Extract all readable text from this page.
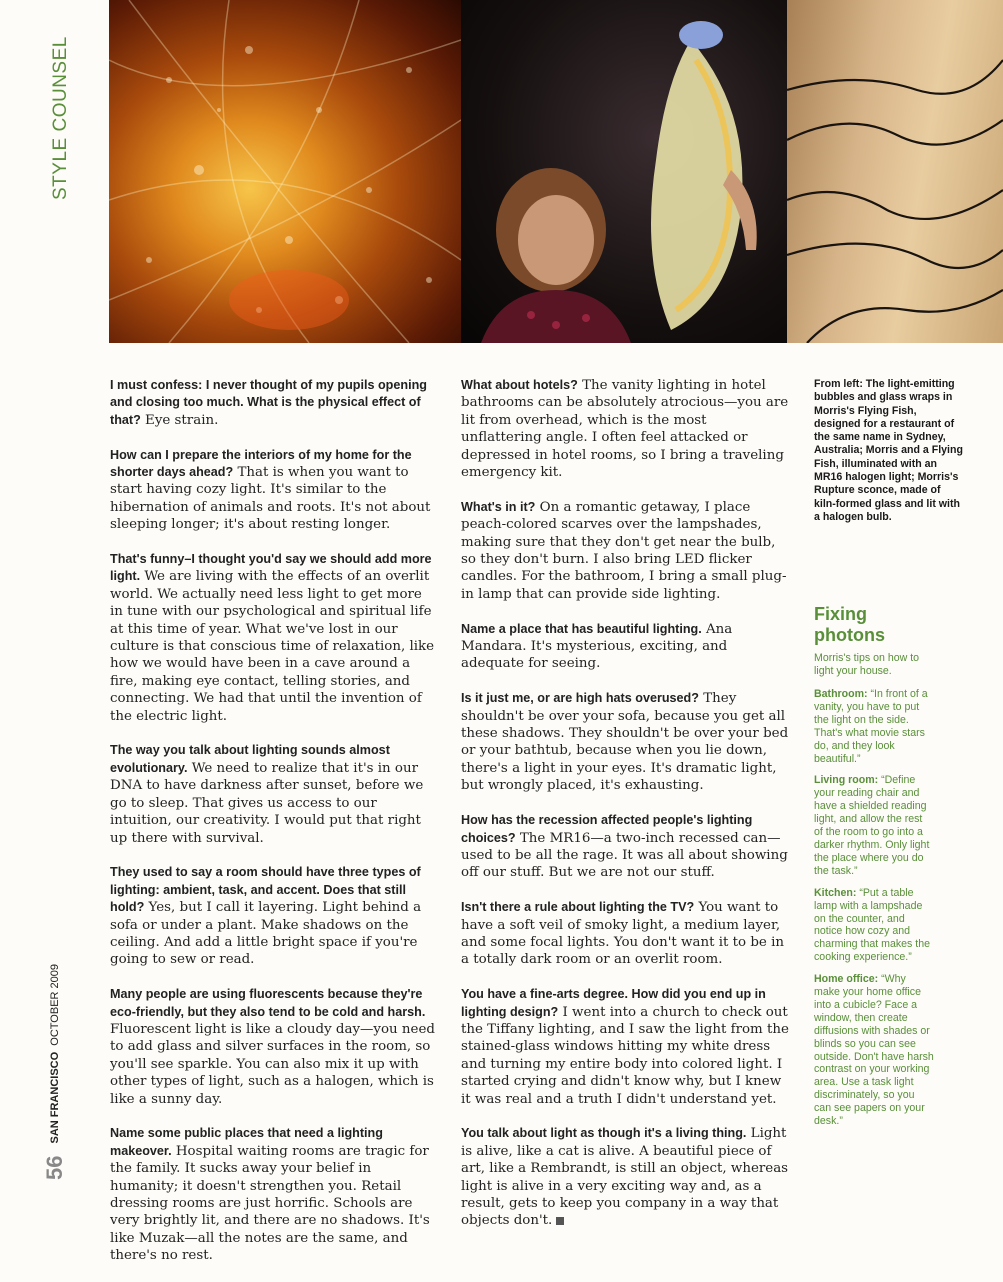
STYLE COUNSEL

I must confess: I never thought of my pupils opening and closing too much. What is the physical effect of that? Eye strain.

How can I prepare the interiors of my home for the shorter days ahead? That is when you want to start having cozy light. It's similar to the hibernation of animals and roots. It's not about sleeping longer; it's about resting longer.

That's funny–I thought you'd say we should add more light. We are living with the effects of an overlit world. We actually need less light to get more in tune with our psychological and spiritual life at this time of year. What we've lost in our culture is that conscious time of relaxation, like how we would have been in a cave around a fire, making eye contact, telling stories, and connecting. We had that until the invention of the electric light.

The way you talk about lighting sounds almost evolutionary. We need to realize that it's in our DNA to have darkness after sunset, before we go to sleep. That gives us access to our intuition, our creativity. I would put that right up there with survival.

They used to say a room should have three types of lighting: ambient, task, and accent. Does that still hold? Yes, but I call it layering. Light behind a sofa or under a plant. Make shadows on the ceiling. And add a little bright space if you're going to sew or read.

Many people are using fluorescents because they're eco-friendly, but they also tend to be cold and harsh. Fluorescent light is like a cloudy day—you need to add glass and silver surfaces in the room, so you'll see sparkle. You can also mix it up with other types of light, such as a halogen, which is like a sunny day.

Name some public places that need a lighting makeover. Hospital waiting rooms are tragic for the family. It sucks away your belief in humanity; it doesn't strengthen you. Retail dressing rooms are just horrific. Schools are very brightly lit, and there are no shadows. It's like Muzak—all the notes are the same, and there's no rest.

What about hotels? The vanity lighting in hotel bathrooms can be absolutely atrocious—you are lit from overhead, which is the most unflattering angle. I often feel attacked or depressed in hotel rooms, so I bring a traveling emergency kit.

What's in it? On a romantic getaway, I place peach-colored scarves over the lampshades, making sure that they don't get near the bulb, so they don't burn. I also bring LED flicker candles. For the bathroom, I bring a small plug-in lamp that can provide side lighting.

Name a place that has beautiful lighting. Ana Mandara. It's mysterious, exciting, and adequate for seeing.

Is it just me, or are high hats overused? They shouldn't be over your sofa, because you get all these shadows. They shouldn't be over your bed or your bathtub, because when you lie down, there's a light in your eyes. It's dramatic light, but wrongly placed, it's exhausting.

How has the recession affected people's lighting choices? The MR16—a two-inch recessed can—used to be all the rage. It was all about showing off our stuff. But we are not our stuff.

Isn't there a rule about lighting the TV? You want to have a soft veil of smoky light, a medium layer, and some focal lights. You don't want it to be in a totally dark room or an overlit room.

You have a fine-arts degree. How did you end up in lighting design? I went into a church to check out the Tiffany lighting, and I saw the light from the stained-glass windows hitting my white dress and turning my entire body into colored light. I started crying and didn't know why, but I knew it was real and a truth I didn't understand yet.

You talk about light as though it's a living thing. Light is alive, like a cat is alive. A beautiful piece of art, like a Rembrandt, is still an object, whereas light is alive in a very exciting way and, as a result, gets to keep you company in a way that objects don't.

From left: The light-emitting bubbles and glass wraps in Morris's Flying Fish, designed for a restaurant of the same name in Sydney, Australia; Morris and a Flying Fish, illuminated with an MR16 halogen light; Morris's Rupture sconce, made of kiln-formed glass and lit with a halogen bulb.
Fixing photons

Morris's tips on how to light your house.

Bathroom: “In front of a vanity, you have to put the light on the side. That's what movie stars do, and they look beautiful.”

Living room: “Define your reading chair and have a shielded reading light, and allow the rest of the room to go into a darker rhythm. Only light the place where you do the task.”

Kitchen: “Put a table lamp with a lampshade on the counter, and notice how cozy and charming that makes the cooking experience.”

Home office: “Why make your home office into a cubicle? Face a window, then create diffusions with shades or blinds so you can see outside. Don't have harsh contrast on your working area. Use a task light discriminately, so you can see papers on your desk.”

56SAN FRANCISCO  OCTOBER 2009
